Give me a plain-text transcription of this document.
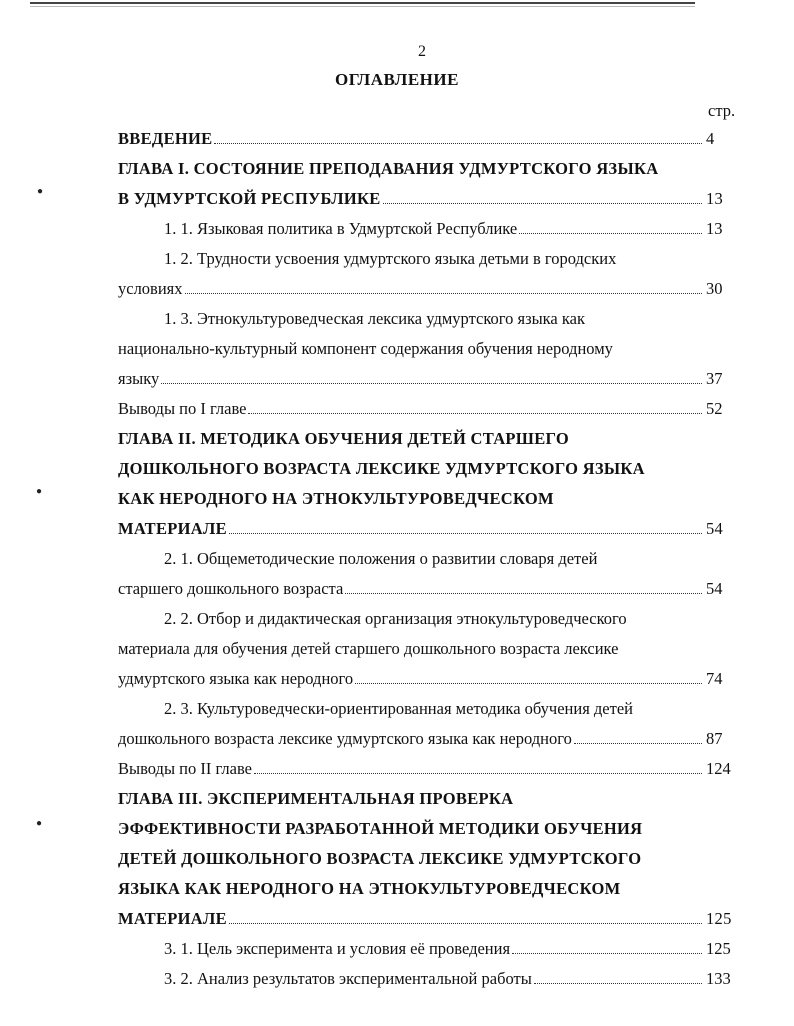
2
ОГЛАВЛЕНИЕ
стр.
●
●
●
ВВЕДЕНИЕ	4
ГЛАВА I. СОСТОЯНИЕ ПРЕПОДАВАНИЯ УДМУРТСКОГО ЯЗЫКА
В УДМУРТСКОЙ РЕСПУБЛИКЕ	13
1. 1. Языковая политика в Удмуртской Республике	13
1. 2. Трудности усвоения удмуртского языка детьми в городских
условиях	30
1. 3. Этнокультуроведческая лексика удмуртского языка как
национально-культурный компонент содержания обучения неродному
языку	37
Выводы по I главе	52
ГЛАВА II. МЕТОДИКА ОБУЧЕНИЯ ДЕТЕЙ СТАРШЕГО
ДОШКОЛЬНОГО ВОЗРАСТА ЛЕКСИКЕ УДМУРТСКОГО ЯЗЫКА
КАК НЕРОДНОГО НА ЭТНОКУЛЬТУРОВЕДЧЕСКОМ
МАТЕРИАЛЕ	54
2. 1. Общеметодические положения о развитии словаря детей
старшего дошкольного возраста	54
2. 2. Отбор и дидактическая организация этнокультуроведческого
материала для обучения детей старшего дошкольного возраста лексике
удмуртского языка как неродного	74
2. 3. Культуроведчески-ориентированная методика обучения детей
дошкольного возраста лексике удмуртского языка как неродного	87
Выводы по II главе	124
ГЛАВА III. ЭКСПЕРИМЕНТАЛЬНАЯ ПРОВЕРКА
ЭФФЕКТИВНОСТИ РАЗРАБОТАННОЙ МЕТОДИКИ ОБУЧЕНИЯ
ДЕТЕЙ ДОШКОЛЬНОГО ВОЗРАСТА ЛЕКСИКЕ УДМУРТСКОГО
ЯЗЫКА КАК НЕРОДНОГО НА ЭТНОКУЛЬТУРОВЕДЧЕСКОМ
МАТЕРИАЛЕ	125
3. 1. Цель эксперимента и условия её проведения	125
3. 2. Анализ результатов экспериментальной работы	133
